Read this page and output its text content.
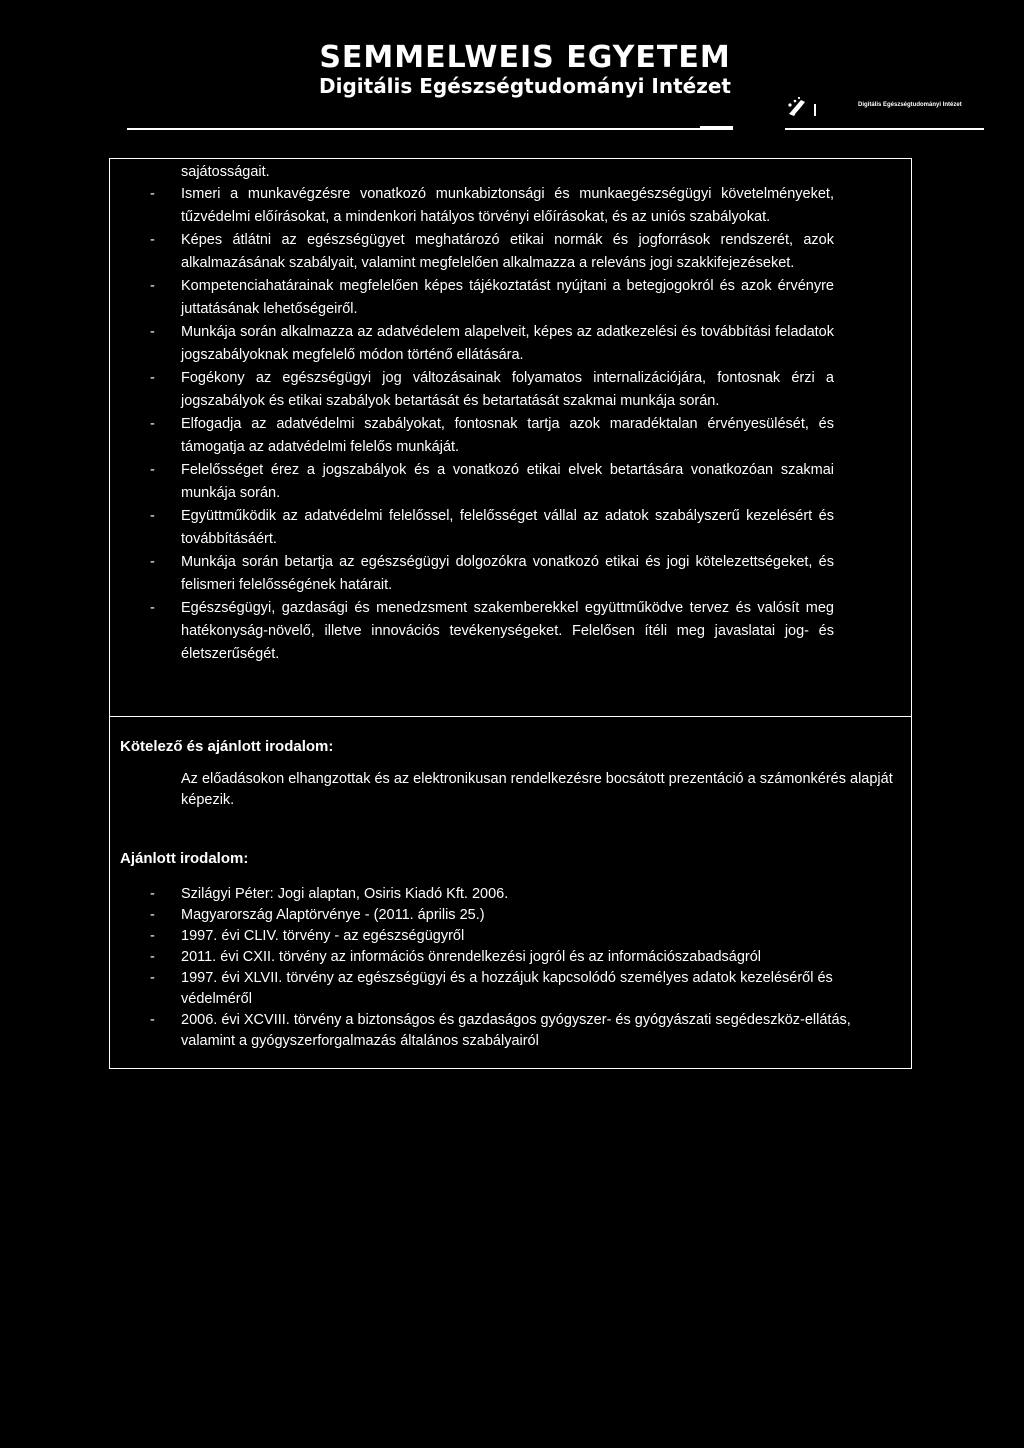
SEMMELWEIS EGYETEM
Digitális Egészségtudományi Intézet
Digitális Egészségtudományi Intézet
sajátosságait.
- Ismeri a munkavégzésre vonatkozó munkabiztonsági és munkaegészségügyi követelményeket, tűzvédelmi előírásokat, a mindenkori hatályos törvényi előírásokat, és az uniós szabályokat.
- Képes átlátni az egészségügyet meghatározó etikai normák és jogforrások rendszerét, azok alkalmazásának szabályait, valamint megfelelően alkalmazza a releváns jogi szakkifejezéseket.
- Kompetenciahatárainak megfelelően képes tájékoztatást nyújtani a betegjogokról és azok érvényre juttatásának lehetőségeiről.
- Munkája során alkalmazza az adatvédelem alapelveit, képes az adatkezelési és továbbítási feladatok jogszabályoknak megfelelő módon történő ellátására.
- Fogékony az egészségügyi jog változásainak folyamatos internalizációjára, fontosnak érzi a jogszabályok és etikai szabályok betartását és betartatását szakmai munkája során.
- Elfogadja az adatvédelmi szabályokat, fontosnak tartja azok maradéktalan érvényesülését, és támogatja az adatvédelmi felelős munkáját.
- Felelősséget érez a jogszabályok és a vonatkozó etikai elvek betartására vonatkozóan szakmai munkája során.
- Együttműködik az adatvédelmi felelőssel, felelősséget vállal az adatok szabályszerű kezelésért és továbbításáért.
- Munkája során betartja az egészségügyi dolgozókra vonatkozó etikai és jogi kötelezettségeket, és felismeri felelősségének határait.
- Egészségügyi, gazdasági és menedzsment szakemberekkel együttműködve tervez és valósít meg hatékonyság-növelő, illetve innovációs tevékenységeket. Felelősen ítéli meg javaslatai jog- és életszerűségét.
Kötelező és ajánlott irodalom:
Az előadásokon elhangzottak és az elektronikusan rendelkezésre bocsátott prezentáció a számonkérés alapját képezik.
Ajánlott irodalom:
- Szilágyi Péter: Jogi alaptan, Osiris Kiadó Kft. 2006.
- Magyarország Alaptörvénye - (2011. április 25.)
- 1997. évi CLIV. törvény - az egészségügyről
- 2011. évi CXII. törvény az információs önrendelkezési jogról és az információszabadságról
- 1997. évi XLVII. törvény az egészségügyi és a hozzájuk kapcsolódó személyes adatok kezeléséről és védelméről
- 2006. évi XCVIII. törvény a biztonságos és gazdaságos gyógyszer- és gyógyászati segédeszköz-ellátás, valamint a gyógyszerforgalmazás általános szabályairól
